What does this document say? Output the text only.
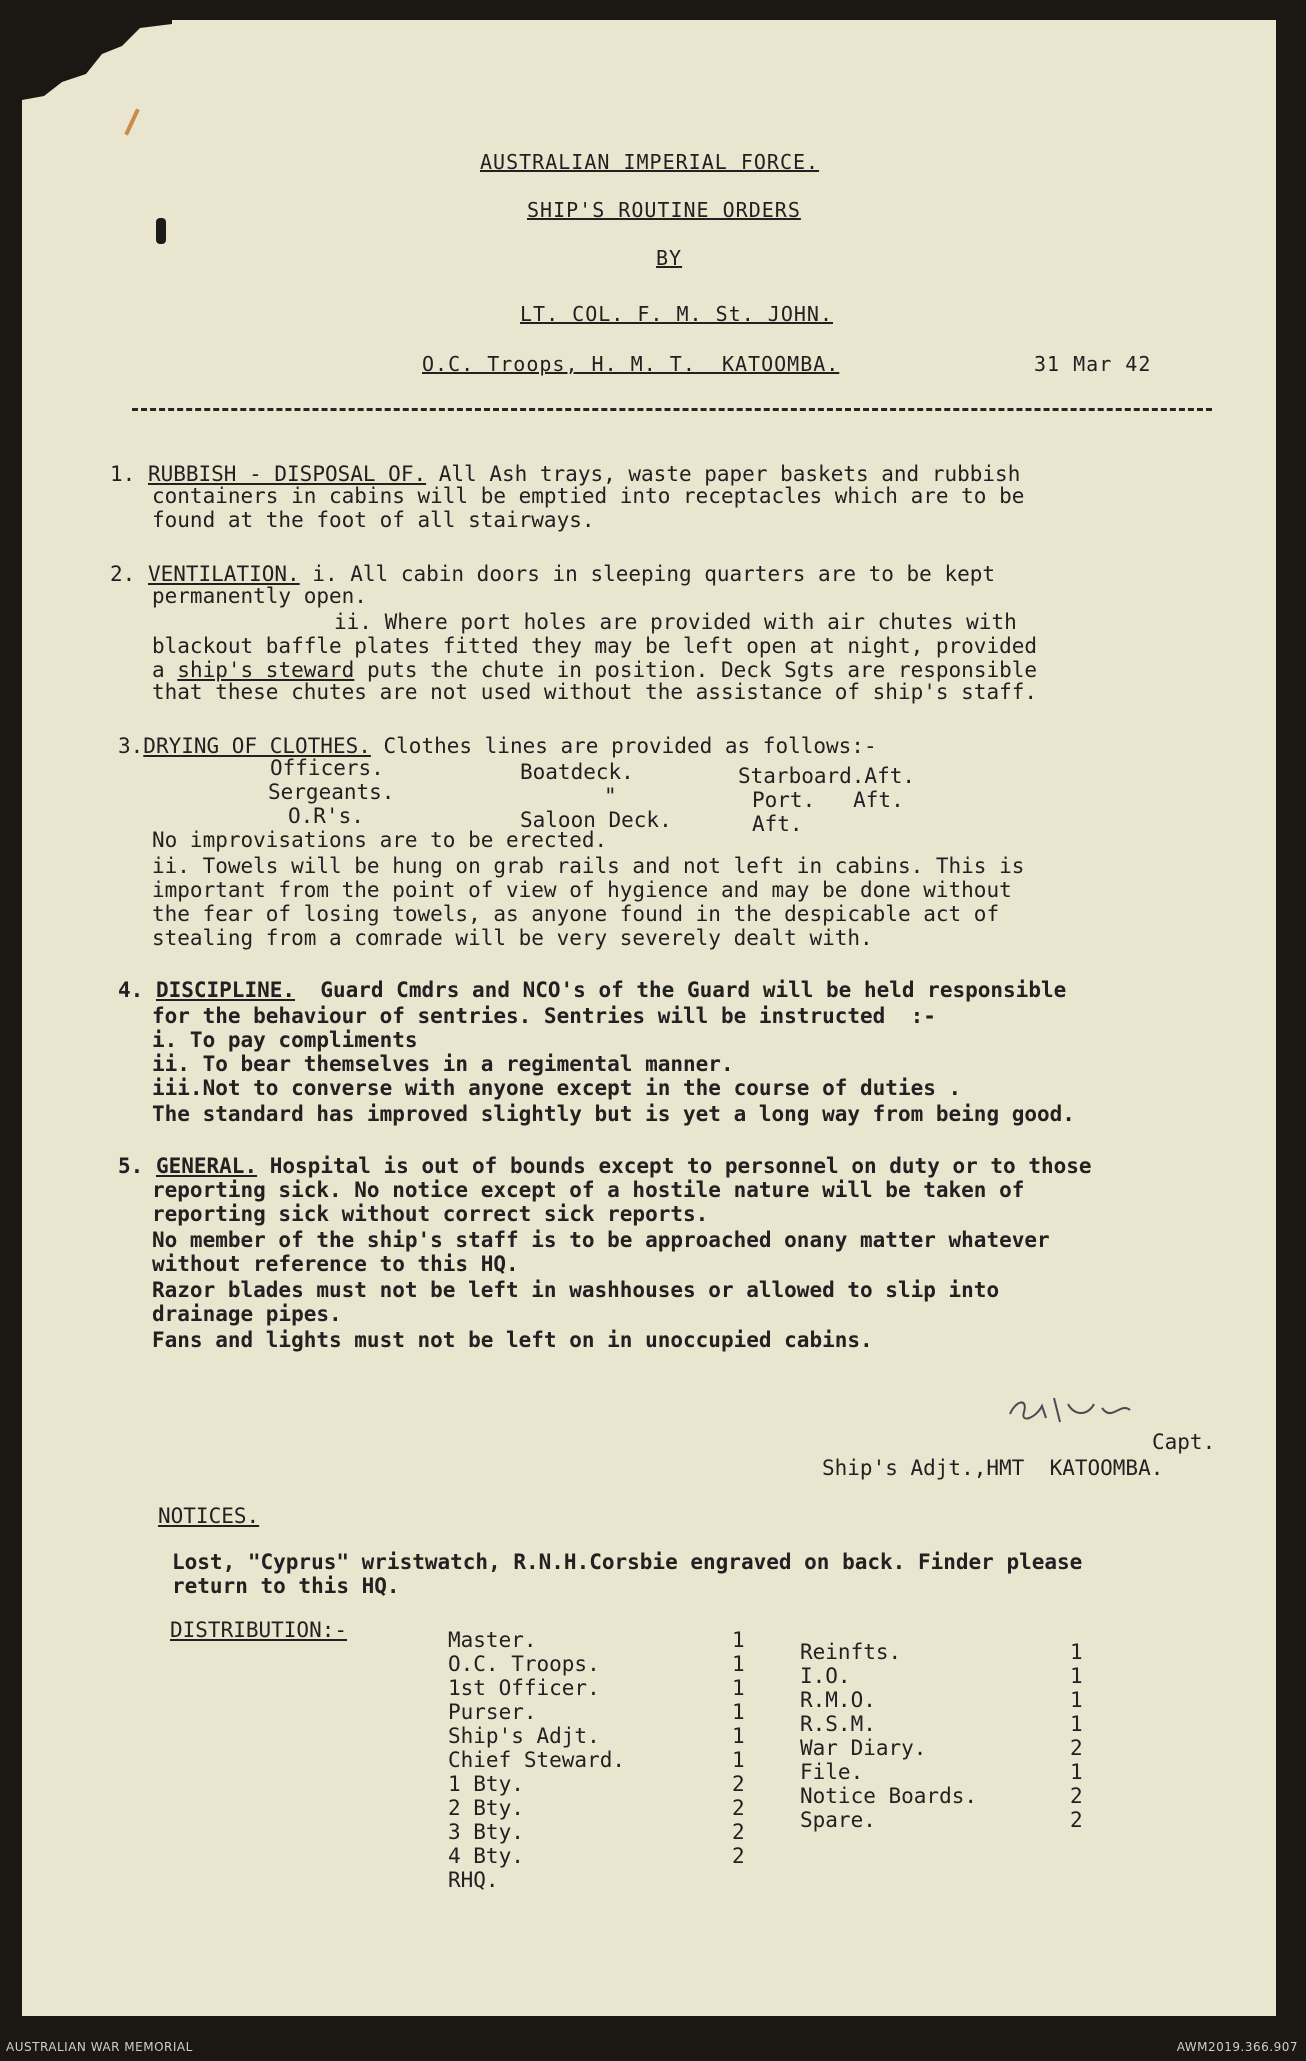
AUSTRALIAN IMPERIAL FORCE.
SHIP'S ROUTINE ORDERS
BY
LT. COL. F. M. St. JOHN.
O.C. Troops, H. M. T.  KATOOMBA.	31 Mar 42
1. RUBBISH - DISPOSAL OF. All Ash trays, waste paper baskets and rubbish
containers in cabins will be emptied into receptacles which are to be
found at the foot of all stairways.
2. VENTILATION. i. All cabin doors in sleeping quarters are to be kept
permanently open.
ii. Where port holes are provided with air chutes with
blackout baffle plates fitted they may be left open at night, provided
a ship's steward puts the chute in position. Deck Sgts are responsible
that these chutes are not used without the assistance of ship's staff.
3.DRYING OF CLOTHES. Clothes lines are provided as follows:-
Officers.	Boatdeck.	Starboard.Aft.
Sergeants.	"	Port.   Aft.
O.R's.	Saloon Deck.	Aft.
No improvisations are to be erected.
ii. Towels will be hung on grab rails and not left in cabins. This is
important from the point of view of hygience and may be done without
the fear of losing towels, as anyone found in the despicable act of
stealing from a comrade will be very severely dealt with.
4. DISCIPLINE.  Guard Cmdrs and NCO's of the Guard will be held responsible
for the behaviour of sentries. Sentries will be instructed  :-
i. To pay compliments
ii. To bear themselves in a regimental manner.
iii.Not to converse with anyone except in the course of duties .
The standard has improved slightly but is yet a long way from being good.
5. GENERAL. Hospital is out of bounds except to personnel on duty or to those
reporting sick. No notice except of a hostile nature will be taken of
reporting sick without correct sick reports.
No member of the ship's staff is to be approached onany matter whatever
without reference to this HQ.
Razor blades must not be left in washhouses or allowed to slip into
drainage pipes.
Fans and lights must not be left on in unoccupied cabins.
Capt.
Ship's Adjt.,HMT  KATOOMBA.
NOTICES.
Lost, "Cyprus" wristwatch, R.N.H.Corsbie engraved on back. Finder please
return to this HQ.
DISTRIBUTION:-	Master.	1
O.C. Troops.	1
1st Officer.	1
Purser.	1
Ship's Adjt.	1
Chief Steward.	1
1 Bty.	2
2 Bty.	2
3 Bty.	2
4 Bty.	2
RHQ.
Reinfts.	1
I.O.	1
R.M.O.	1
R.S.M.	1
War Diary.	2
File.	1
Notice Boards.	2
Spare.	2
AUSTRALIAN WAR MEMORIAL	AWM2019.366.907
